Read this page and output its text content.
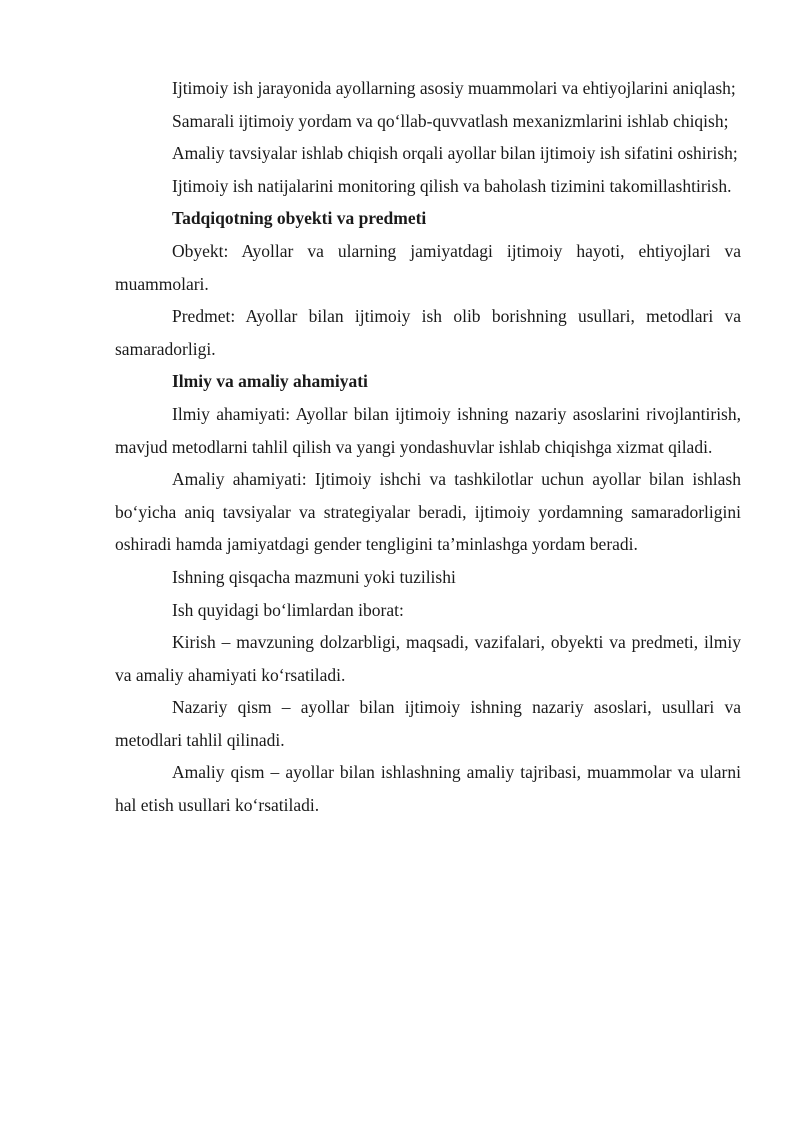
Ijtimoiy ish jarayonida ayollarning asosiy muammolari va ehtiyojlarini aniqlash;

Samarali ijtimoiy yordam va qo‘llab-quvvatlash mexanizmlarini ishlab chiqish;

Amaliy tavsiyalar ishlab chiqish orqali ayollar bilan ijtimoiy ish sifatini oshirish;

Ijtimoiy ish natijalarini monitoring qilish va baholash tizimini takomillashtirish.

Tadqiqotning obyekti va predmeti

Obyekt: Ayollar va ularning jamiyatdagi ijtimoiy hayoti, ehtiyojlari va muammolari.

Predmet: Ayollar bilan ijtimoiy ish olib borishning usullari, metodlari va samaradorligi.

Ilmiy va amaliy ahamiyati

Ilmiy ahamiyati: Ayollar bilan ijtimoiy ishning nazariy asoslarini rivojlantirish, mavjud metodlarni tahlil qilish va yangi yondashuvlar ishlab chiqishga xizmat qiladi.

Amaliy ahamiyati: Ijtimoiy ishchi va tashkilotlar uchun ayollar bilan ishlash bo‘yicha aniq tavsiyalar va strategiyalar beradi, ijtimoiy yordamning samaradorligini oshiradi hamda jamiyatdagi gender tengligini ta’minlashga yordam beradi.

Ishning qisqacha mazmuni yoki tuzilishi

Ish quyidagi bo‘limlardan iborat:

Kirish – mavzuning dolzarbligi, maqsadi, vazifalari, obyekti va predmeti, ilmiy va amaliy ahamiyati ko‘rsatiladi.

Nazariy qism – ayollar bilan ijtimoiy ishning nazariy asoslari, usullari va metodlari tahlil qilinadi.

Amaliy qism – ayollar bilan ishlashning amaliy tajribasi, muammolar va ularni hal etish usullari ko‘rsatiladi.
